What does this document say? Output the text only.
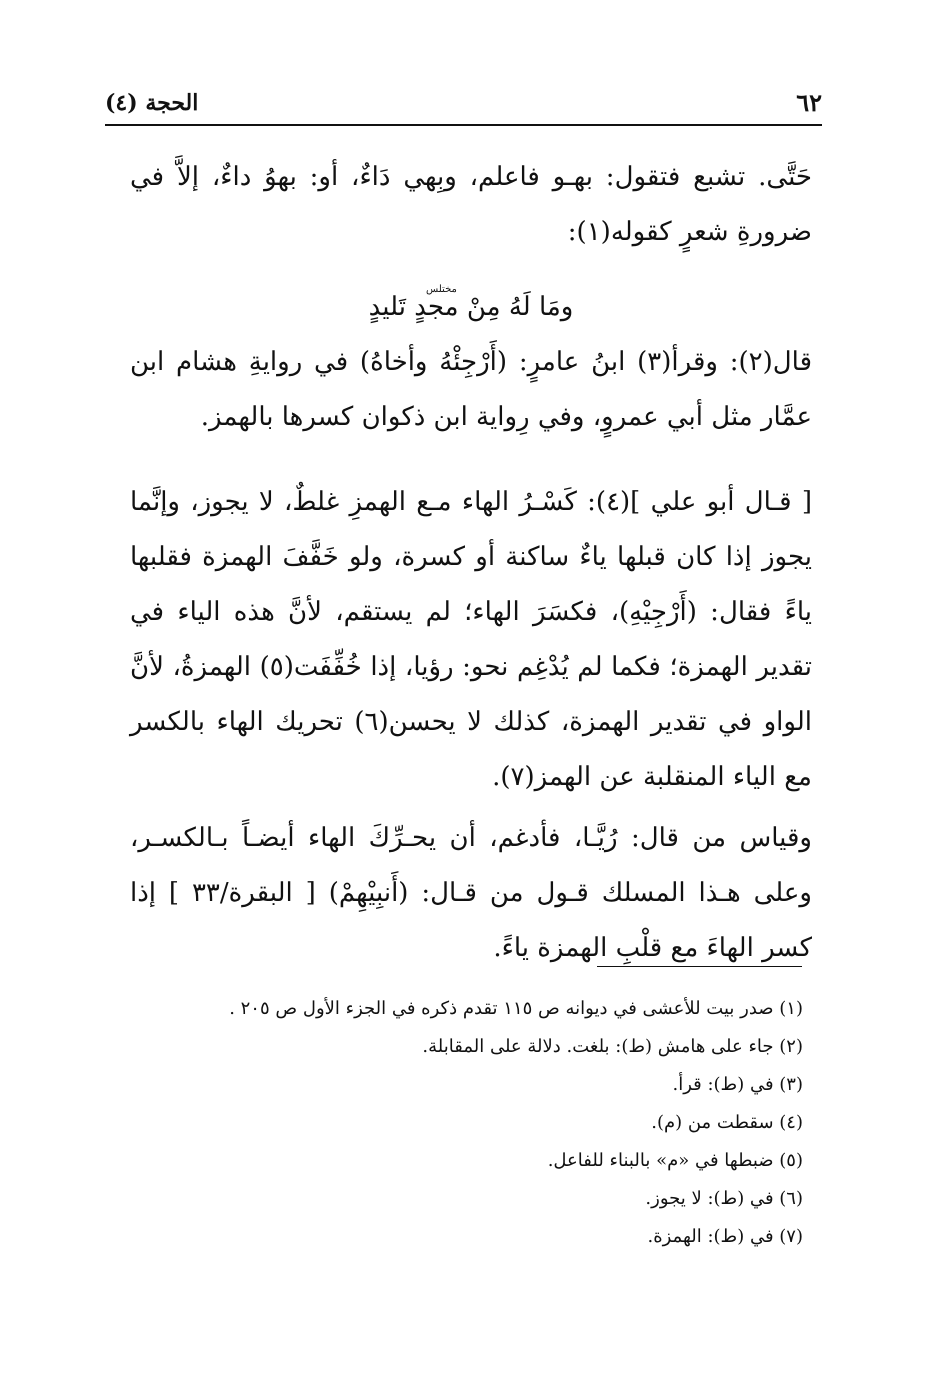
الحجة (٤)	٦٢

حَتَّى. تشبع فتقول: بهـو فاعلم، وبِهي دَاءٌ، أو: بهوُ داءٌ، إلاَّ في ضرورةِ شعرٍ كقوله(١):

مختلس
ومَا لَهُ مِنْ مجدٍ تَليدٍ

قال(٢): وقرأ(٣) ابنُ عامرٍ: (أَرْجِئْهُ وأخاهُ) في روايةِ هشام ابن عمَّار مثل أبي عمروٍ، وفي رِواية ابن ذكوان كسرها بالهمز.

[ قـال أبو علي ](٤): كَسْـرُ الهاء مـع الهمزِ غلطٌ، لا يجوز، وإنَّما يجوز إذا كان قبلها ياءٌ ساكنة أو كسرة، ولو خَفَّفَ الهمزة فقلبها ياءً فقال: (أَرْجِيْهِ)، فكسَرَ الهاء؛ لم يستقم، لأنَّ هذه الياء في تقدير الهمزة؛ فكما لم يُدْغِم نحو: رؤيا، إذا خُفِّفَت(٥) الهمزةُ، لأنَّ الواو في تقدير الهمزة، كذلك لا يحسن(٦) تحريك الهاء بالكسر مع الياء المنقلبة عن الهمز(٧).

وقياس من قال: رُيَّـا، فأدغم، أن يحـرِّكَ الهاء أيضـاً بـالكسـر، وعلى هـذا المسلك قـول من قـال: (أَنبِيْهِمْ) [ البقرة/٣٣ ] إذا كسر الهاءَ مع قلْبِ الهمزة ياءً.

(١) صدر بيت للأعشى في ديوانه ص ١١٥ تقدم ذكره في الجزء الأول ص ٢٠٥ .
(٢) جاء على هامش (ط): بلغت. دلالة على المقابلة.
(٣) في (ط): قرأ.
(٤) سقطت من (م).
(٥) ضبطها في «م» بالبناء للفاعل.
(٦) في (ط): لا يجوز.
(٧) في (ط): الهمزة.
